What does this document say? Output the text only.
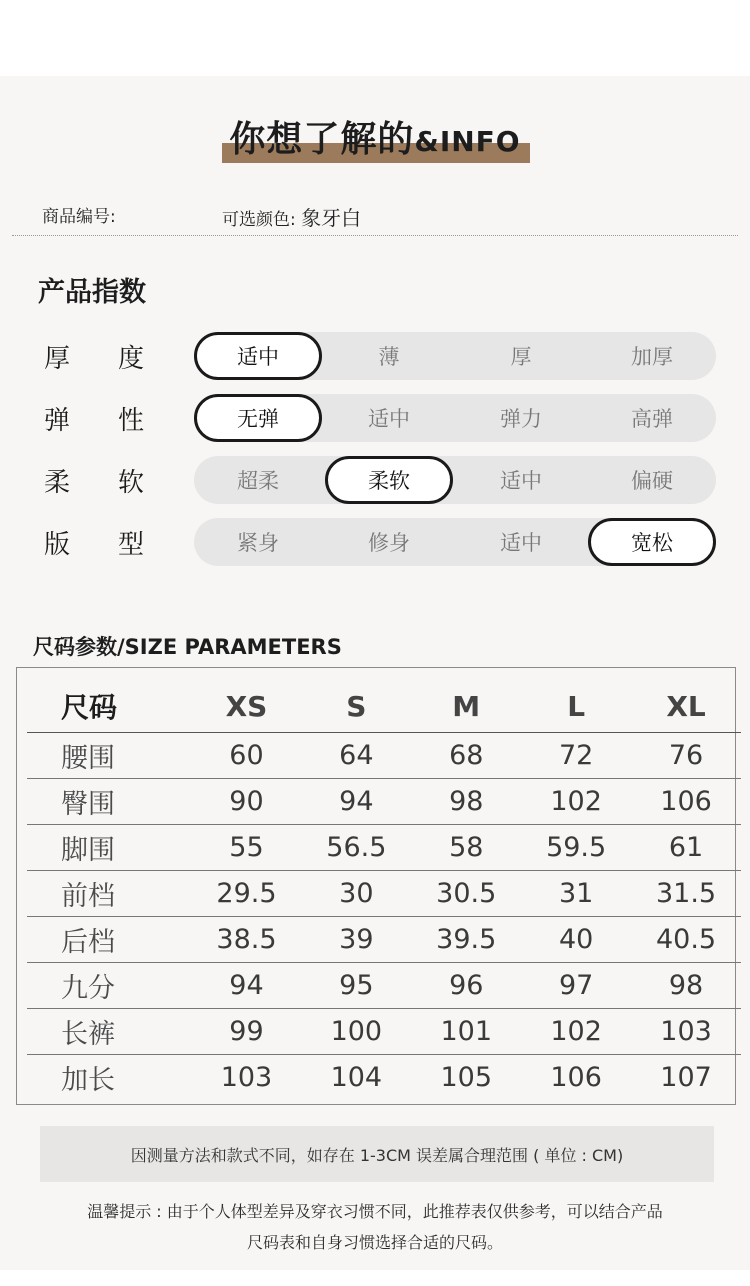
你想了解的&INFO
商品编号:	可选颜色: 象牙白
产品指数
厚 度	适中	薄	厚	加厚
弹 性	无弹	适中	弹力	高弹
柔 软	超柔	柔软	适中	偏硬
版 型	紧身	修身	适中	宽松
尺码参数/SIZE PARAMETERS
尺码	XS	S	M	L	XL
腰围	60	64	68	72	76
臀围	90	94	98	102	106
脚围	55	56.5	58	59.5	61
前档	29.5	30	30.5	31	31.5
后档	38.5	39	39.5	40	40.5
九分	94	95	96	97	98
长裤	99	100	101	102	103
加长	103	104	105	106	107
因测量方法和款式不同，如存在 1-3CM 误差属合理范围 ( 单位 : CM)
温馨提示 : 由于个人体型差异及穿衣习惯不同，此推荐表仅供参考，可以结合产品
尺码表和自身习惯选择合适的尺码。
